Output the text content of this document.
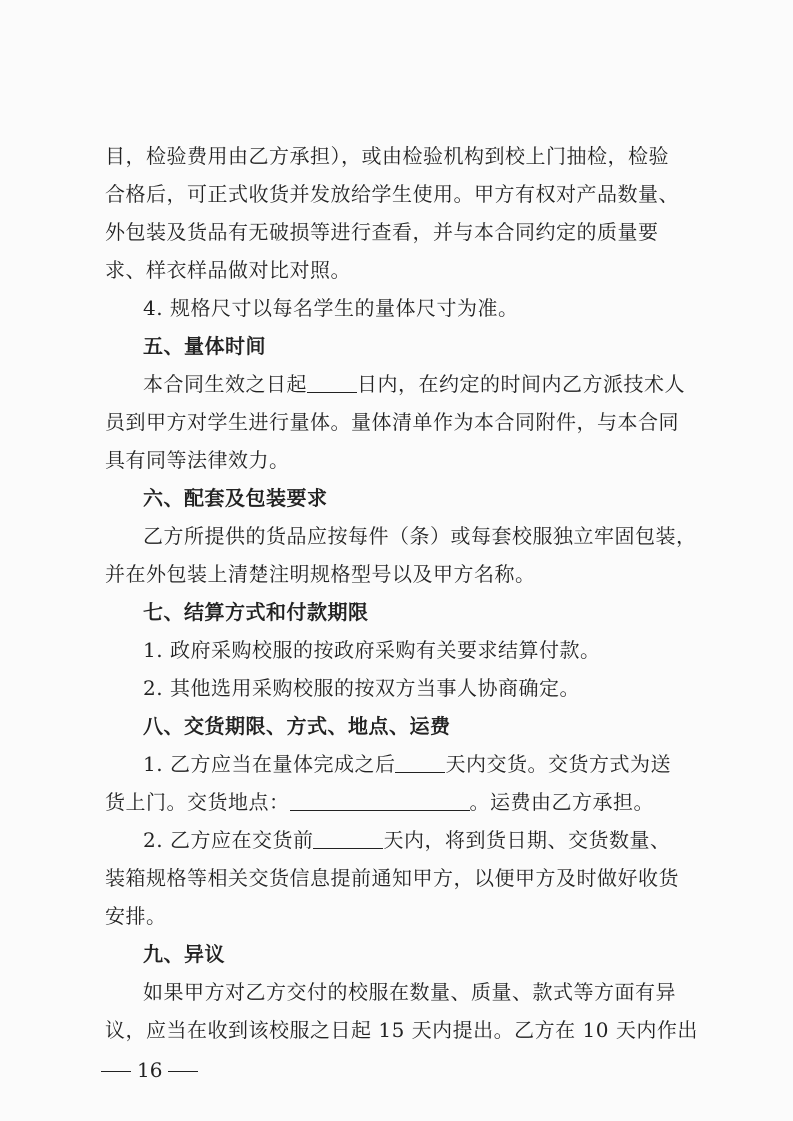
目，检验费用由乙方承担），或由检验机构到校上门抽检，检验
合格后，可正式收货并发放给学生使用。甲方有权对产品数量、
外包装及货品有无破损等进行查看，并与本合同约定的质量要
求、样衣样品做对比对照。
4. 规格尺寸以每名学生的量体尺寸为准。
五、量体时间
本合同生效之日起	日内，在约定的时间内乙方派技术人
员到甲方对学生进行量体。量体清单作为本合同附件，与本合同
具有同等法律效力。
六、配套及包装要求
乙方所提供的货品应按每件（条）或每套校服独立牢固包装，
并在外包装上清楚注明规格型号以及甲方名称。
七、结算方式和付款期限
1. 政府采购校服的按政府采购有关要求结算付款。
2. 其他选用采购校服的按双方当事人协商确定。
八、交货期限、方式、地点、运费
1. 乙方应当在量体完成之后	天内交货。交货方式为送
货上门。交货地点：	。运费由乙方承担。
2. 乙方应在交货前	天内，将到货日期、交货数量、
装箱规格等相关交货信息提前通知甲方，以便甲方及时做好收货
安排。
九、异议
如果甲方对乙方交付的校服在数量、质量、款式等方面有异
议，应当在收到该校服之日起 15 天内提出。乙方在 10 天内作出
16
